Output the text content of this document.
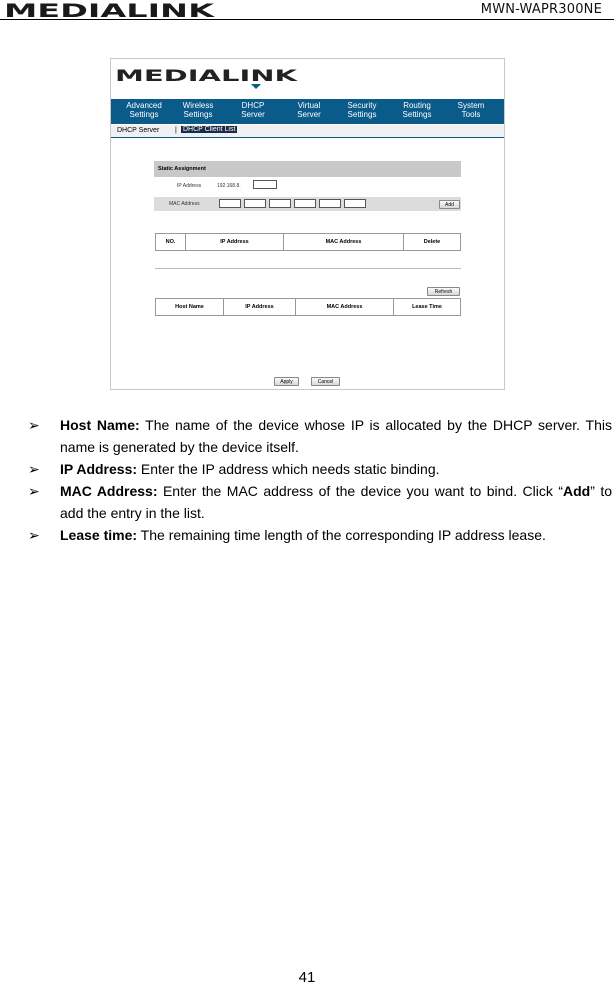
MEDIALINK	MWN-WAPR300NE
MEDIALINK
Advanced
Settings
Wireless
Settings
DHCP
Server
Virtual
Server
Security
Settings
Routing
Settings
System
Tools
DHCP Server | DHCP Client List
Static Assignment
IP Address	192.168.8.
MAC Address	Add
NO.	IP Address	MAC Address	Delete
Refresh
Host Name	IP Address	MAC Address	Lease Time
Apply	Cancel
➢	Host Name: The name of the device whose IP is allocated by the DHCP server. This name is generated by the device itself.
➢	IP Address: Enter the IP address which needs static binding.
➢	MAC Address: Enter the MAC address of the device you want to bind. Click “Add” to add the entry in the list.
➢	Lease time: The remaining time length of the corresponding IP address lease.
41
